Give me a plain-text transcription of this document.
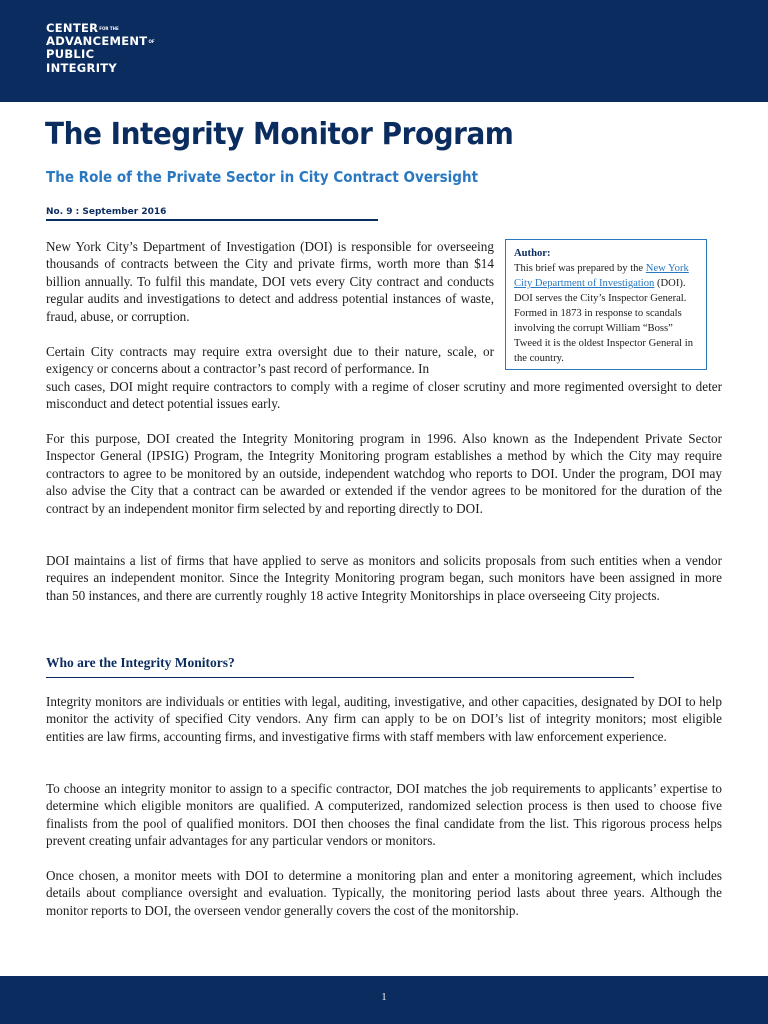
$CENTER^{FOR THE}$
$ADVANCEMENT^{OF}$
PUBLIC
INTEGRITY
The Integrity Monitor Program
The Role of the Private Sector in City Contract Oversight
No. 9 : September 2016
Author:
This brief was prepared by the New York City Department of Investigation (DOI). DOI serves the City’s Inspector General. Formed in 1873 in response to scandals involving the corrupt William “Boss” Tweed it is the oldest Inspector General in the country.

New York City’s Department of Investigation (DOI) is responsible for overseeing thousands of contracts between the City and private firms, worth more than $14 billion annually. To fulfil this mandate, DOI vets every City contract and conducts regular audits and investigations to detect and address potential instances of waste, fraud, abuse, or corruption.

Certain City contracts may require extra oversight due to their nature, scale, or exigency or concerns about a contractor’s past record of performance. In

such cases, DOI might require contractors to comply with a regime of closer scrutiny and more regimented oversight to deter misconduct and detect potential issues early.

For this purpose, DOI created the Integrity Monitoring program in 1996. Also known as the Independent Private Sector Inspector General (IPSIG) Program, the Integrity Monitoring program establishes a method by which the City may require contractors to agree to be monitored by an outside, independent watchdog who reports to DOI. Under the program, DOI may also advise the City that a contract can be awarded or extended if the vendor agrees to be monitored for the duration of the contract by an independent monitor firm selected by and reporting directly to DOI.

DOI maintains a list of firms that have applied to serve as monitors and solicits proposals from such entities when a vendor requires an independent monitor. Since the Integrity Monitoring program began, such monitors have been assigned in more than 50 instances, and there are currently roughly 18 active Integrity Monitorships in place overseeing City projects.

Who are the Integrity Monitors?

Integrity monitors are individuals or entities with legal, auditing, investigative, and other capacities, designated by DOI to help monitor the activity of specified City vendors. Any firm can apply to be on DOI’s list of integrity monitors; most eligible entities are law firms, accounting firms, and investigative firms with staff members with law enforcement experience.

To choose an integrity monitor to assign to a specific contractor, DOI matches the job requirements to applicants’ expertise to determine which eligible monitors are qualified. A computerized, randomized selection process is then used to choose five finalists from the pool of qualified monitors. DOI then chooses the final candidate from the list. This rigorous process helps prevent creating unfair advantages for any particular vendors or monitors.

Once chosen, a monitor meets with DOI to determine a monitoring plan and enter a monitoring agreement, which includes details about compliance oversight and evaluation. Typically, the monitoring period lasts about three years. Although the monitor reports to DOI, the overseen vendor generally covers the cost of the monitorship.

1
